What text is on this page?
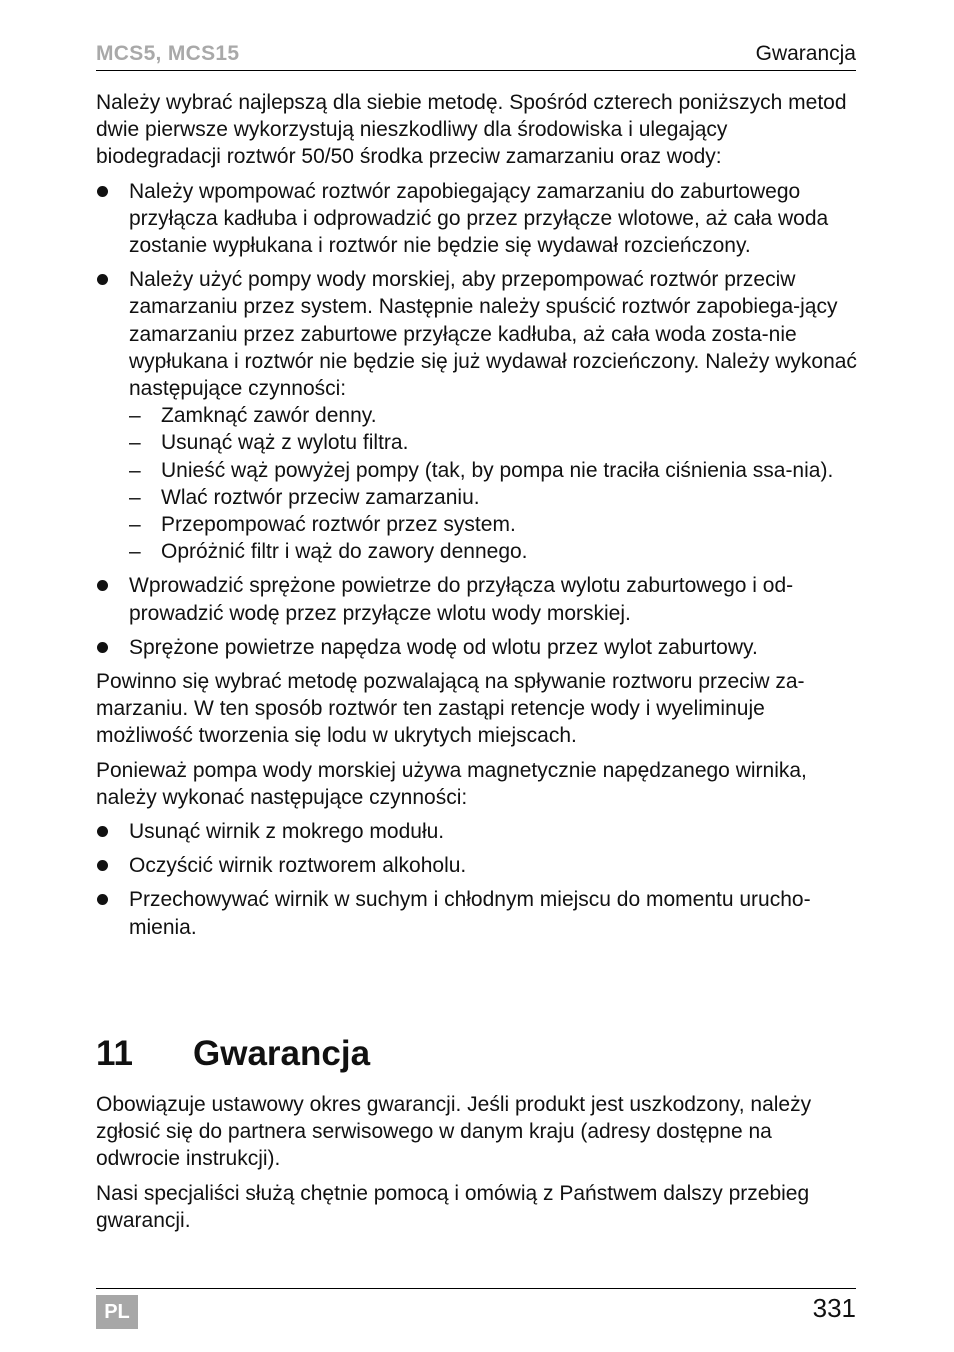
MCS5, MCS15	Gwarancja

Należy wybrać najlepszą dla siebie metodę. Spośród czterech poniższych metod dwie pierwsze wykorzystują nieszkodliwy dla środowiska i ulegający biodegradacji roztwór 50/50 środka przeciw zamarzaniu oraz wody:

Należy wpompować roztwór zapobiegający zamarzaniu do zaburtowego przyłącza kadłuba i odprowadzić go przez przyłącze wlotowe, aż cała woda zostanie wypłukana i roztwór nie będzie się wydawał rozcieńczony.
Należy użyć pompy wody morskiej, aby przepompować roztwór przeciw zamarzaniu przez system. Następnie należy spuścić roztwór zapobiega-jący zamarzaniu przez zaburtowe przyłącze kadłuba, aż cała woda zosta-nie wypłukana i roztwór nie będzie się już wydawał rozcieńczony. Należy wykonać następujące czynności:
– Zamknąć zawór denny.
– Usunąć wąż z wylotu filtra.
– Unieść wąż powyżej pompy (tak, by pompa nie traciła ciśnienia ssa-nia).
– Wlać roztwór przeciw zamarzaniu.
– Przepompować roztwór przez system.
– Opróżnić filtr i wąż do zawory dennego.
Wprowadzić sprężone powietrze do przyłącza wylotu zaburtowego i od-prowadzić wodę przez przyłącze wlotu wody morskiej.
Sprężone powietrze napędza wodę od wlotu przez wylot zaburtowy.

Powinno się wybrać metodę pozwalającą na spływanie roztworu przeciw za-marzaniu. W ten sposób roztwór ten zastąpi retencje wody i wyeliminuje możliwość tworzenia się lodu w ukrytych miejscach.

Ponieważ pompa wody morskiej używa magnetycznie napędzanego wirnika, należy wykonać następujące czynności:

Usunąć wirnik z mokrego modułu.
Oczyścić wirnik roztworem alkoholu.
Przechowywać wirnik w suchym i chłodnym miejscu do momentu urucho-mienia.
11 Gwarancja

Obowiązuje ustawowy okres gwarancji. Jeśli produkt jest uszkodzony, należy zgłosić się do partnera serwisowego w danym kraju (adresy dostępne na odwrocie instrukcji).

Nasi specjaliści służą chętnie pomocą i omówią z Państwem dalszy przebieg gwarancji.

PL	331
